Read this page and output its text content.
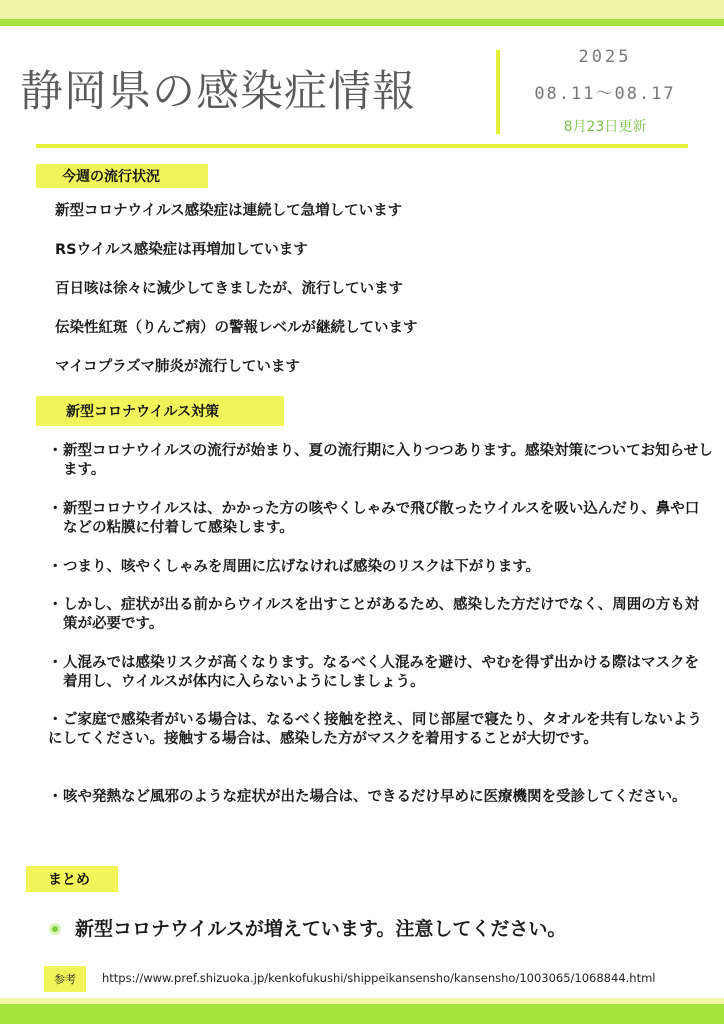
静岡県の感染症情報
2025
08.11〜08.17
8月23日更新
今週の流行状況
新型コロナウイルス感染症は連続して急増しています
RSウイルス感染症は再増加しています
百日咳は徐々に減少してきましたが、流行しています
伝染性紅斑（りんご病）の警報レベルが継続しています
マイコプラズマ肺炎が流行しています
新型コロナウイルス対策
・ 新型コロナウイルスの流行が始まり、夏の流行期に入りつつあります。感染対策についてお知らせします。
・ 新型コロナウイルスは、かかった方の咳やくしゃみで飛び散ったウイルスを吸い込んだり、鼻や口などの粘膜に付着して感染します。
・ つまり、咳やくしゃみを周囲に広げなければ感染のリスクは下がります。
・ しかし、症状が出る前からウイルスを出すことがあるため、感染した方だけでなく、周囲の方も対策が必要です。
・ 人混みでは感染リスクが高くなります。なるべく人混みを避け、やむを得ず出かける際はマスクを着用し、ウイルスが体内に入らないようにしましょう。
・ ご家庭で感染者がいる場合は、なるべく接触を控え、同じ部屋で寝たり、タオルを共有しないようにしてください。接触する場合は、感染した方がマスクを着用することが大切です。
・ 咳や発熱など風邪のような症状が出た場合は、できるだけ早めに医療機関を受診してください。
まとめ
新型コロナウイルスが増えています。注意してください。
参考	https://www.pref.shizuoka.jp/kenkofukushi/shippeikansensho/kansensho/1003065/1068844.html
